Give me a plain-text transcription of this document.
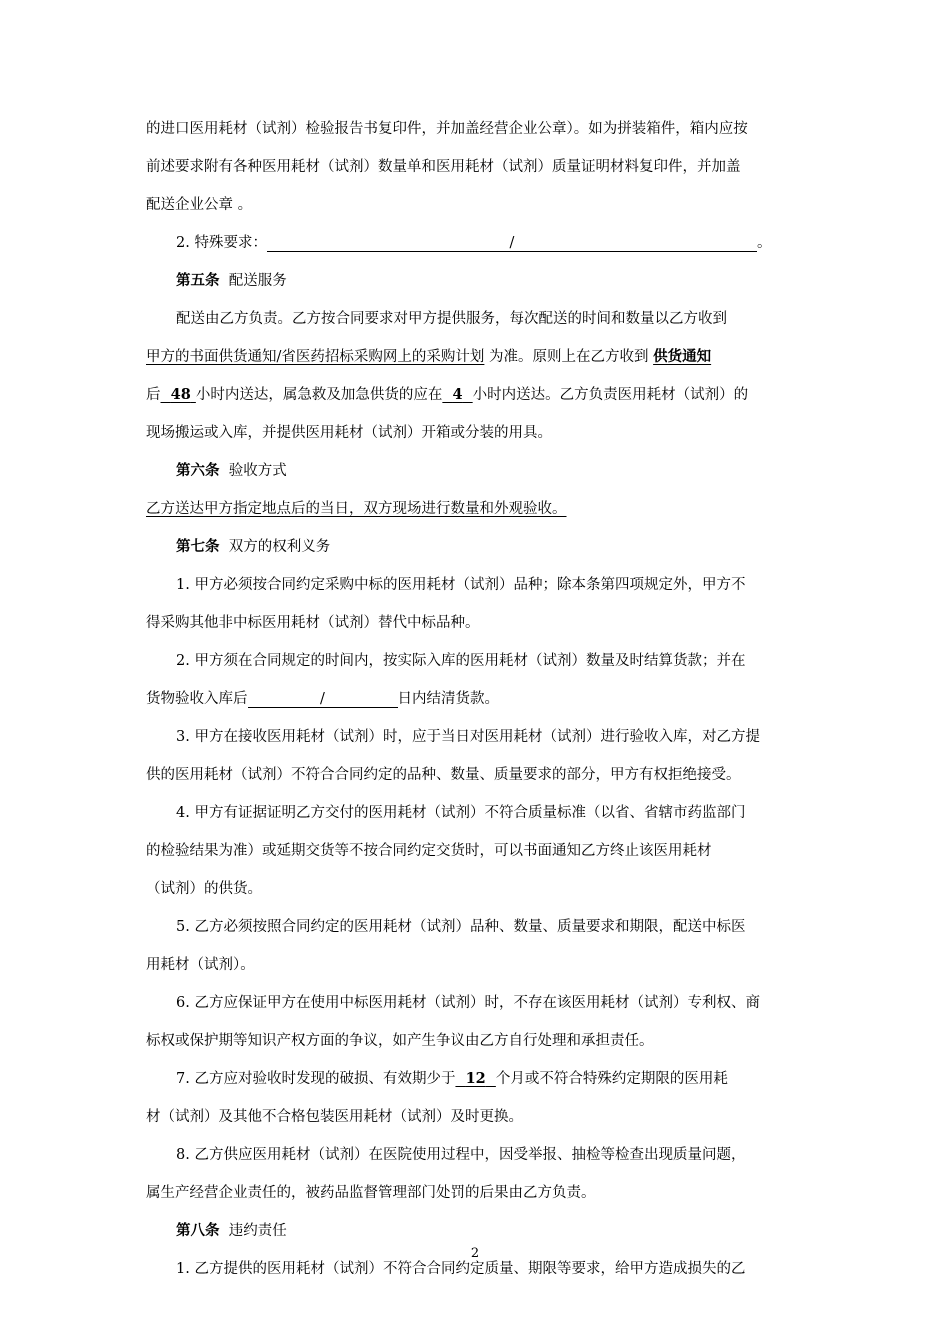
的进口医用耗材（试剂）检验报告书复印件，并加盖经营企业公章）。如为拼装箱件，箱内应按

前述要求附有各种医用耗材（试剂）数量单和医用耗材（试剂）质量证明材料复印件，并加盖

配送企业公章 。

2. 特殊要求：	/	。

第五条 配送服务

配送由乙方负责。乙方按合同要求对甲方提供服务，每次配送的时间和数量以乙方收到

甲方的书面供货通知/省医药招标采购网上的采购计划 为准。原则上在乙方收到 供货通知

后 48 小时内送达，属急救及加急供货的应在 4 小时内送达。乙方负责医用耗材（试剂）的

现场搬运或入库，并提供医用耗材（试剂）开箱或分装的用具。

第六条 验收方式

乙方送达甲方指定地点后的当日，双方现场进行数量和外观验收。

第七条 双方的权利义务

1. 甲方必须按合同约定采购中标的医用耗材（试剂）品种；除本条第四项规定外，甲方不

得采购其他非中标医用耗材（试剂）替代中标品种。

2. 甲方须在合同规定的时间内，按实际入库的医用耗材（试剂）数量及时结算货款；并在

货物验收入库后	/	日内结清货款。

3. 甲方在接收医用耗材（试剂）时，应于当日对医用耗材（试剂）进行验收入库，对乙方提

供的医用耗材（试剂）不符合合同约定的品种、数量、质量要求的部分，甲方有权拒绝接受。

4. 甲方有证据证明乙方交付的医用耗材（试剂）不符合质量标准（以省、省辖市药监部门

的检验结果为准）或延期交货等不按合同约定交货时，可以书面通知乙方终止该医用耗材

（试剂）的供货。

5. 乙方必须按照合同约定的医用耗材（试剂）品种、数量、质量要求和期限，配送中标医

用耗材（试剂）。

6. 乙方应保证甲方在使用中标医用耗材（试剂）时，不存在该医用耗材（试剂）专利权、商

标权或保护期等知识产权方面的争议，如产生争议由乙方自行处理和承担责任。

7. 乙方应对验收时发现的破损、有效期少于 12 个月或不符合特殊约定期限的医用耗

材（试剂）及其他不合格包装医用耗材（试剂）及时更换。

8. 乙方供应医用耗材（试剂）在医院使用过程中，因受举报、抽检等检查出现质量问题，

属生产经营企业责任的，被药品监督管理部门处罚的后果由乙方负责。

第八条 违约责任

1. 乙方提供的医用耗材（试剂）不符合合同约定质量、期限等要求，给甲方造成损失的乙

2
